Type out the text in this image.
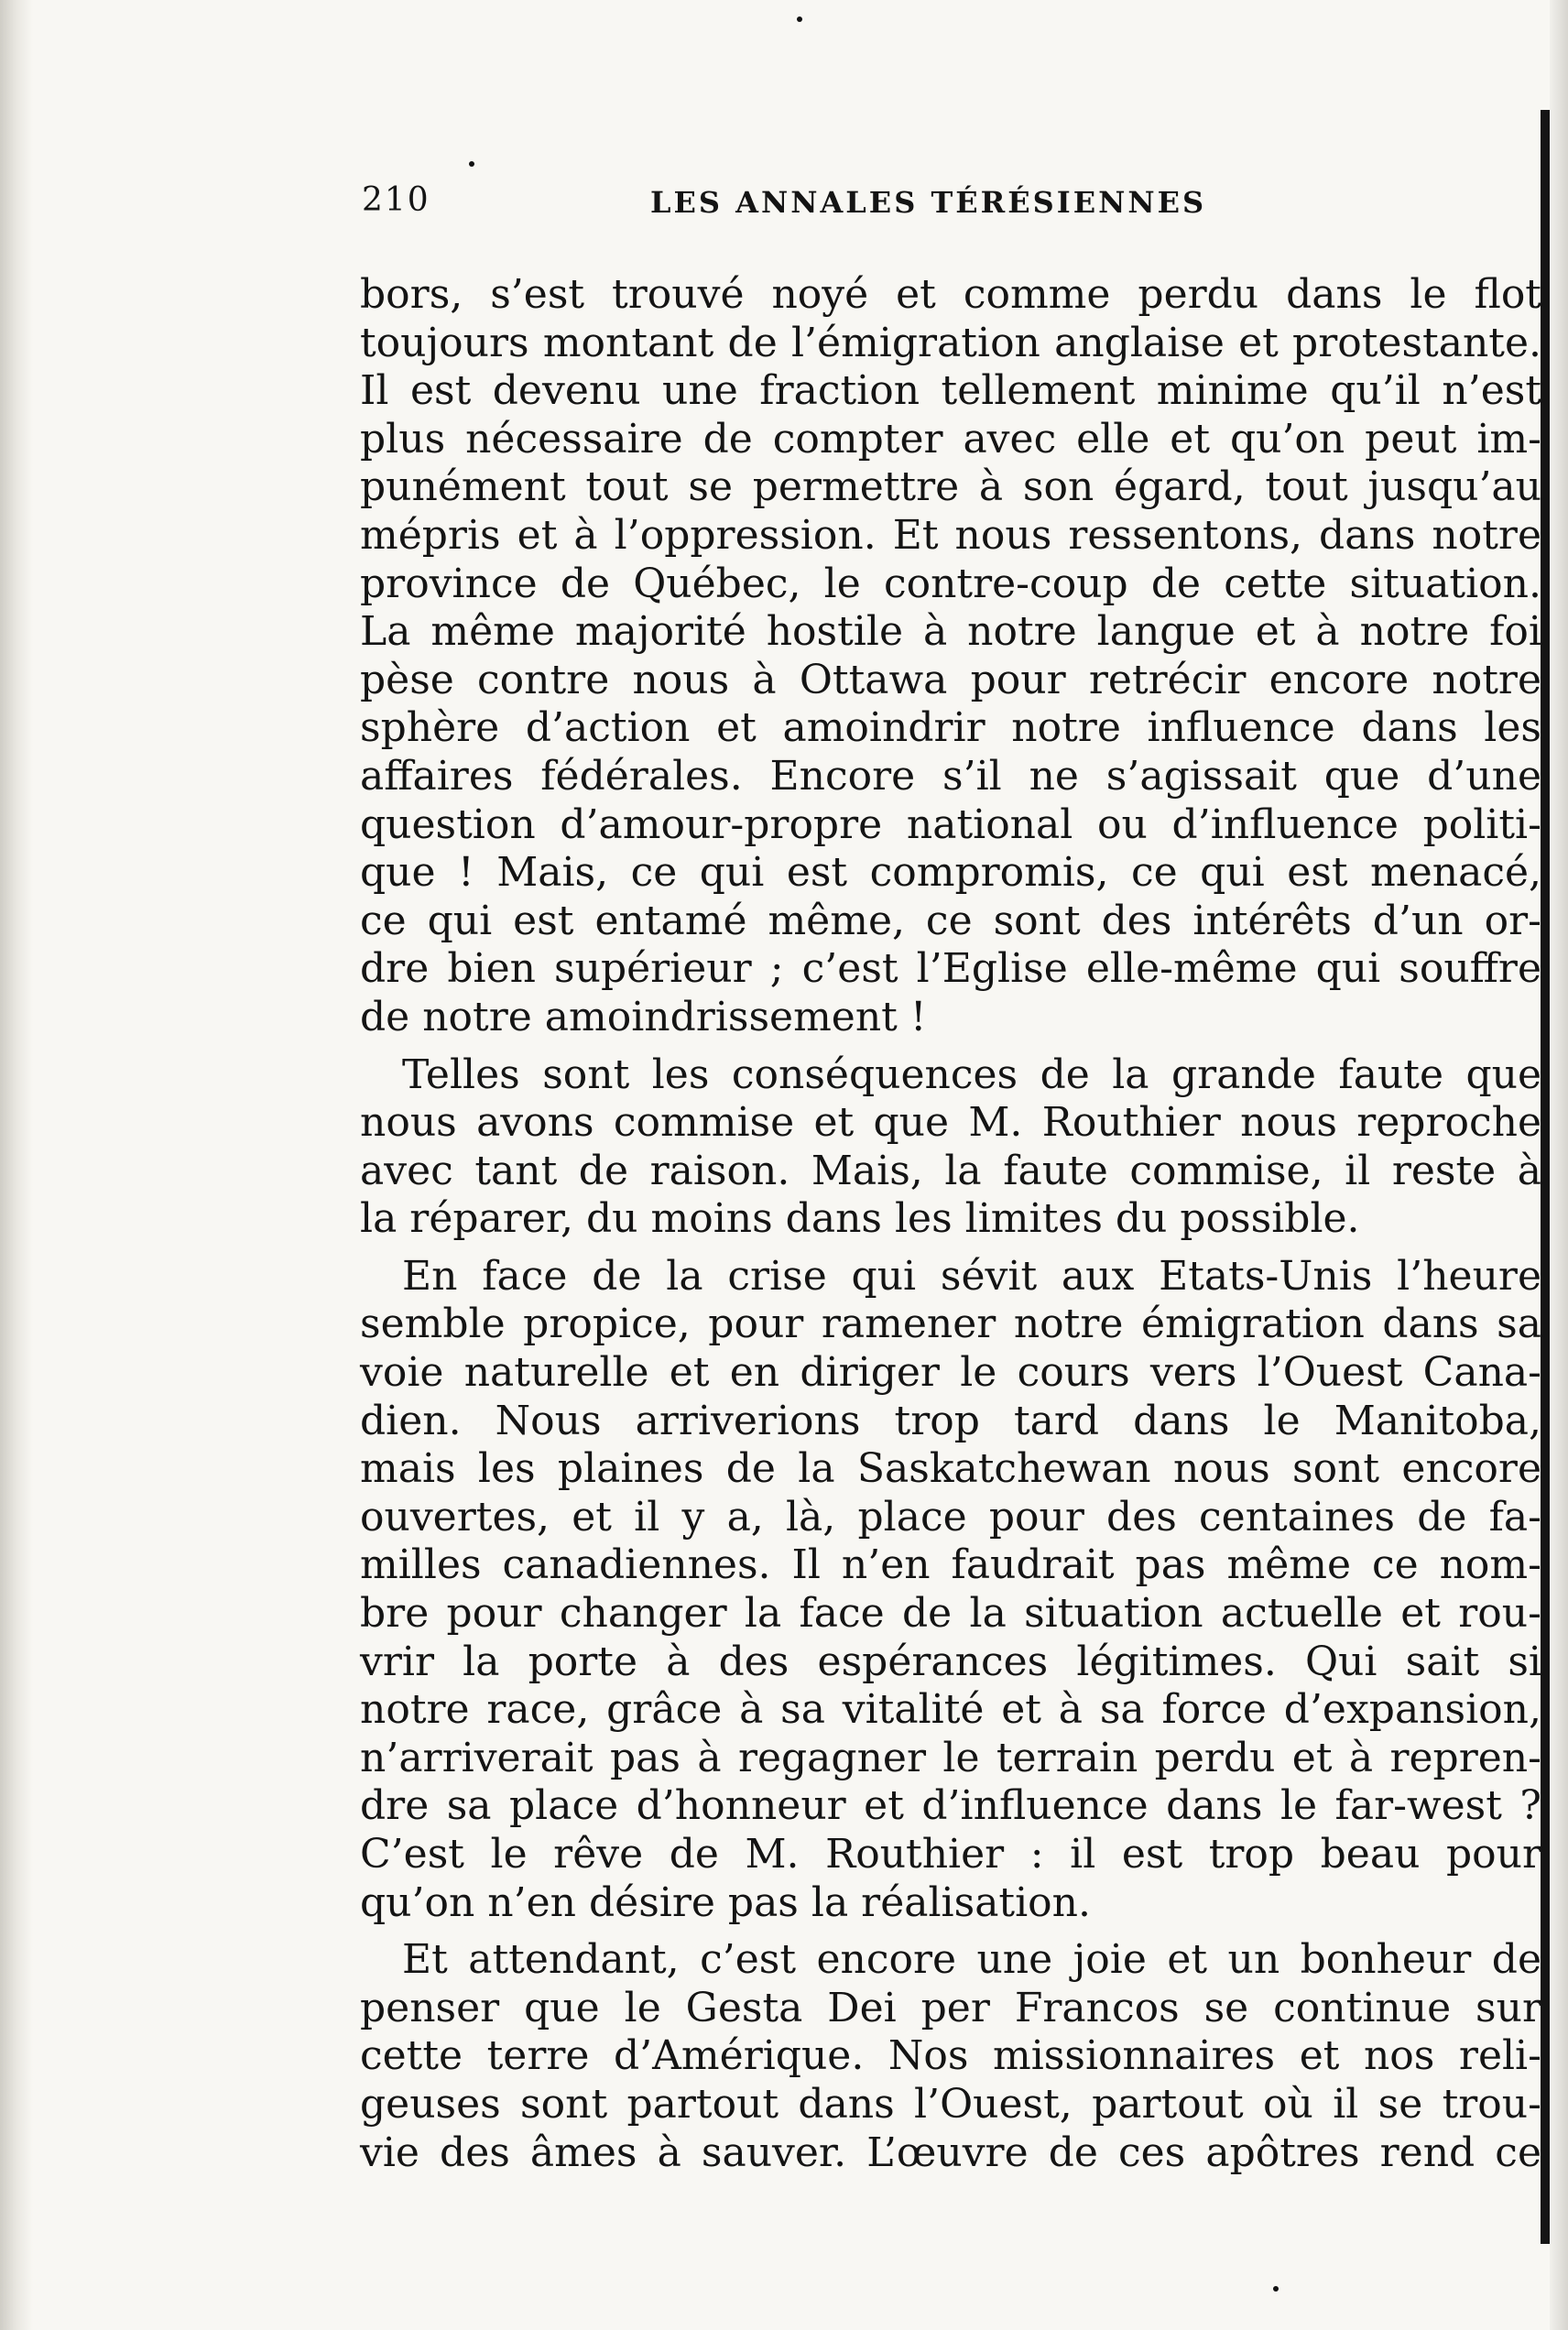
210	LES ANNALES TÉRÉSIENNES
bors, s’est trouvé noyé et comme perdu dans le flot
toujours montant de l’émigration anglaise et protestante.
Il est devenu une fraction tellement minime qu’il n’est
plus nécessaire de compter avec elle et qu’on peut im-
punément tout se permettre à son égard, tout jusqu’au
mépris et à l’oppression. Et nous ressentons, dans notre
province de Québec, le contre-coup de cette situation.
La même majorité hostile à notre langue et à notre foi
pèse contre nous à Ottawa pour retrécir encore notre
sphère d’action et amoindrir notre influence dans les
affaires fédérales. Encore s’il ne s’agissait que d’une
question d’amour-propre national ou d’influence politi-
que ! Mais, ce qui est compromis, ce qui est menacé,
ce qui est entamé même, ce sont des intérêts d’un or-
dre bien supérieur ; c’est l’Eglise elle-même qui souffre
de notre amoindrissement !
Telles sont les conséquences de la grande faute que
nous avons commise et que M. Routhier nous reproche
avec tant de raison. Mais, la faute commise, il reste à
la réparer, du moins dans les limites du possible.
En face de la crise qui sévit aux Etats-Unis l’heure
semble propice, pour ramener notre émigration dans sa
voie naturelle et en diriger le cours vers l’Ouest Cana-
dien. Nous arriverions trop tard dans le Manitoba,
mais les plaines de la Saskatchewan nous sont encore
ouvertes, et il y a, là, place pour des centaines de fa-
milles canadiennes. Il n’en faudrait pas même ce nom-
bre pour changer la face de la situation actuelle et rou-
vrir la porte à des espérances légitimes. Qui sait si
notre race, grâce à sa vitalité et à sa force d’expansion,
n’arriverait pas à regagner le terrain perdu et à repren-
dre sa place d’honneur et d’influence dans le far-west ?
C’est le rêve de M. Routhier : il est trop beau pour
qu’on n’en désire pas la réalisation.
Et attendant, c’est encore une joie et un bonheur de
penser que le Gesta Dei per Francos se continue sur
cette terre d’Amérique. Nos missionnaires et nos reli-
geuses sont partout dans l’Ouest, partout où il se trou-
vie des âmes à sauver. L’œuvre de ces apôtres rend ce
